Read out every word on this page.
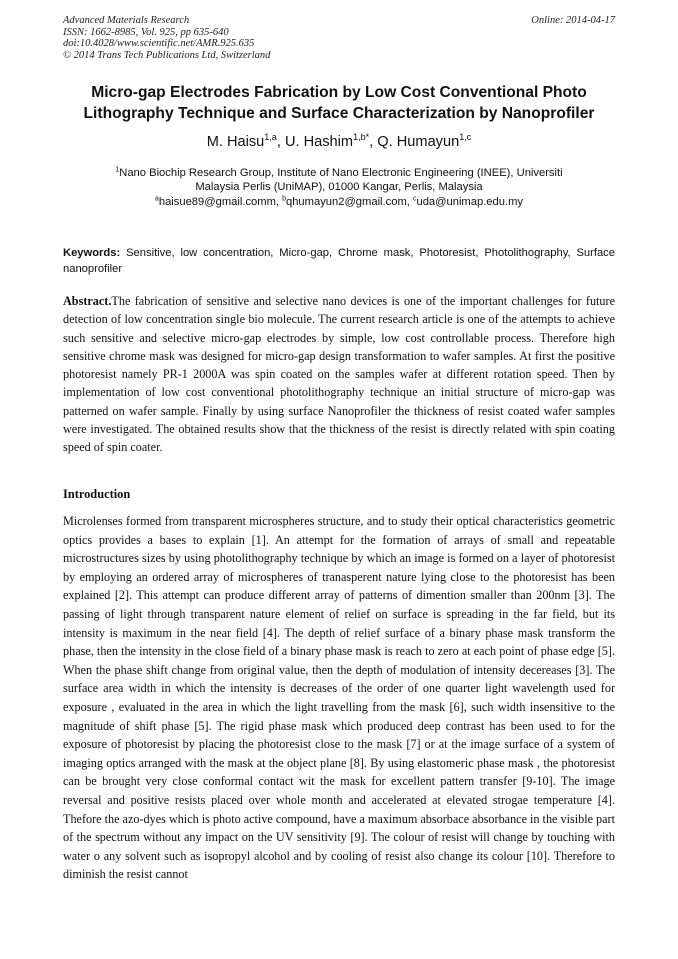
Advanced Materials Research
ISSN: 1662-8985, Vol. 925, pp 635-640
doi:10.4028/www.scientific.net/AMR.925.635
© 2014 Trans Tech Publications Ltd, Switzerland
Online: 2014-04-17
Micro-gap Electrodes Fabrication by Low Cost Conventional Photo
Lithography Technique and Surface Characterization by Nanoprofiler
M. Haisu$^{1,a}$, U. Hashim$^{1,b*}$, Q. Humayun$^{1,c}$
$^1$Nano Biochip Research Group, Institute of Nano Electronic Engineering (INEE), Universiti
Malaysia Perlis (UniMAP), 01000 Kangar, Perlis, Malaysia
$^a$haisue89@gmail.comm, $^b$qhumayun2@gmail.com, $^c$uda@unimap.edu.my
Keywords: Sensitive, low concentration, Micro-gap, Chrome mask, Photoresist, Photolithography, Surface nanoprofiler
Abstract.The fabrication of sensitive and selective nano devices is one of the important challenges for future detection of low concentration single bio molecule. The current research article is one of the attempts to achieve such sensitive and selective micro-gap electrodes by simple, low cost controllable process. Therefore high sensitive chrome mask was designed for micro-gap design transformation to wafer samples. At first the positive photoresist namely PR-1 2000A was spin coated on the samples wafer at different rotation speed. Then by implementation of low cost conventional photolithography technique an initial structure of micro-gap was patterned on wafer sample. Finally by using surface Nanoprofiler the thickness of resist coated wafer samples were investigated. The obtained results show that the thickness of the resist is directly related with spin coating speed of spin coater.
Introduction
Microlenses formed from transparent microspheres structure, and to study their optical characteristics geometric optics provides a bases to explain [1]. An attempt for the formation of arrays of small and repeatable microstructures sizes by using photolithography technique by which an image is formed on a layer of photoresist by employing an ordered array of microspheres of tranasperent nature lying close to the photoresist has been explained [2]. This attempt can produce different array of patterns of dimention smaller than 200nm [3]. The passing of light through transparent nature element of relief on surface is spreading in the far field, but its intensity is maximum in the near field [4]. The depth of relief surface of a binary phase mask transform the phase, then the intensity in the close field of a binary phase mask is reach to zero at each point of phase edge [5]. When the phase shift change from original value, then the depth of modulation of intensity decereases [3]. The surface area width in which the intensity is decreases of the order of one quarter light wavelength used for exposure , evaluated in the area in which the light travelling from the mask [6], such width insensitive to the magnitude of shift phase [5]. The rigid phase mask which produced deep contrast has been used to for the exposure of photoresist by placing the photoresist close to the mask [7] or at the image surface of a system of imaging optics arranged with the mask at the object plane [8]. By using elastomeric phase mask , the photoresist can be brought very close conformal contact wit the mask for excellent pattern transfer [9-10]. The image reversal and positive resists placed over whole month and accelerated at elevated strogae temperature [4]. Thefore the azo-dyes which is photo active compound, have a maximum absorbace absorbance in the visible part of the spectrum without any impact on the UV sensitivity [9]. The colour of resist will change by touching with water o any solvent such as isopropyl alcohol and by cooling of resist also change its colour [10]. Therefore to diminish the resist cannot
